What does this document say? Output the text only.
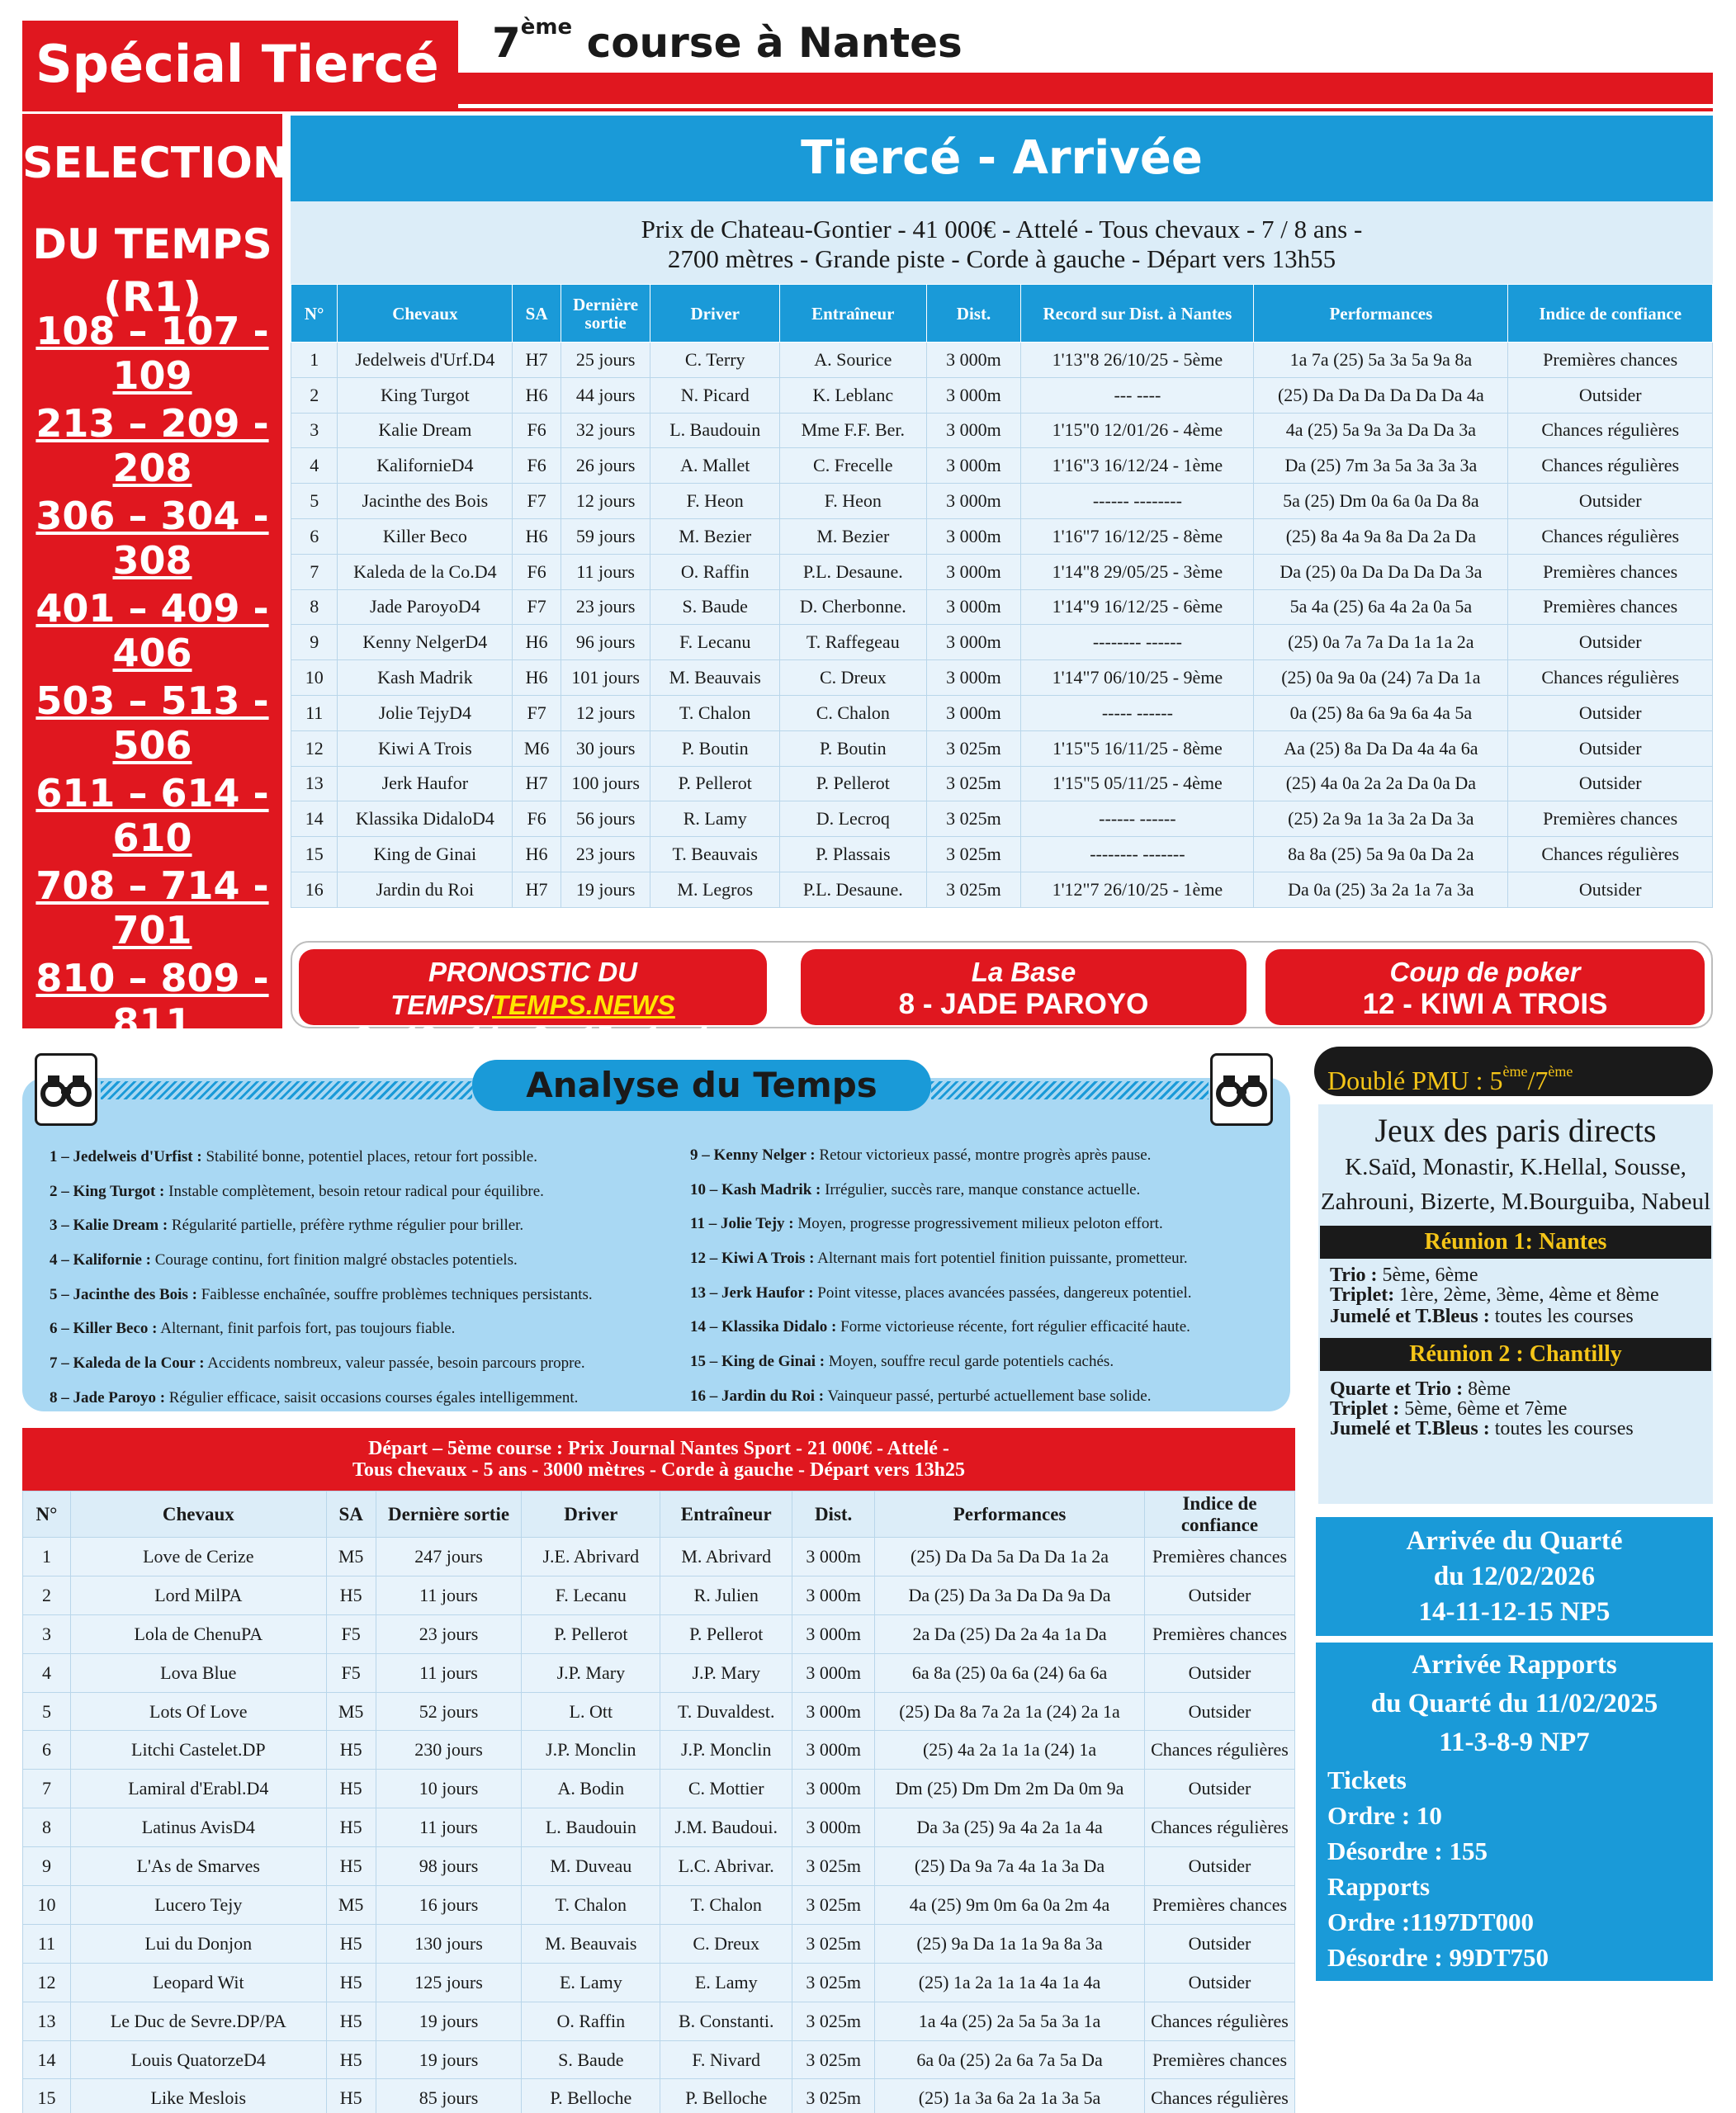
Spécial Tiercé	7ème course à Nantes
SELECTION
DU TEMPS (R1)
108 – 107 - 109
213 – 209 - 208
306 – 304 - 308
401 – 409 - 406
503 – 513 - 506
611 – 614 - 610
708 – 714 - 701
810 – 809 - 811
Tiercé - Arrivée
Prix de Chateau-Gontier - 41 000€ - Attelé - Tous chevaux - 7 / 8 ans -
2700 mètres - Grande piste - Corde à gauche - Départ vers 13h55
N°	Chevaux	SA	Dernière sortie	Driver	Entraîneur	Dist.	Record sur Dist. à Nantes	Performances	Indice de confiance
1	Jedelweis d'Urf.D4	H7	25 jours	C. Terry	A. Sourice	3 000m	1'13"8 26/10/25 - 5ème	1a 7a (25) 5a 3a 5a 9a 8a	Premières chances
2	King Turgot	H6	44 jours	N. Picard	K. Leblanc	3 000m	--- ----	(25) Da Da Da Da Da Da 4a	Outsider
3	Kalie Dream	F6	32 jours	L. Baudouin	Mme F.F. Ber.	3 000m	1'15"0 12/01/26 - 4ème	4a (25) 5a 9a 3a Da Da 3a	Chances régulières
4	KalifornieD4	F6	26 jours	A. Mallet	C. Frecelle	3 000m	1'16"3 16/12/24 - 1ème	Da (25) 7m 3a 5a 3a 3a 3a	Chances régulières
5	Jacinthe des Bois	F7	12 jours	F. Heon	F. Heon	3 000m	------ --------	5a (25) Dm 0a 6a 0a Da 8a	Outsider
6	Killer Beco	H6	59 jours	M. Bezier	M. Bezier	3 000m	1'16"7 16/12/25 - 8ème	(25) 8a 4a 9a 8a Da 2a Da	Chances régulières
7	Kaleda de la Co.D4	F6	11 jours	O. Raffin	P.L. Desaune.	3 000m	1'14"8 29/05/25 - 3ème	Da (25) 0a Da Da Da Da 3a	Premières chances
8	Jade ParoyoD4	F7	23 jours	S. Baude	D. Cherbonne.	3 000m	1'14"9 16/12/25 - 6ème	5a 4a (25) 6a 4a 2a 0a 5a	Premières chances
9	Kenny NelgerD4	H6	96 jours	F. Lecanu	T. Raffegeau	3 000m	-------- ------	(25) 0a 7a 7a Da 1a 1a 2a	Outsider
10	Kash Madrik	H6	101 jours	M. Beauvais	C. Dreux	3 000m	1'14"7 06/10/25 - 9ème	(25) 0a 9a 0a (24) 7a Da 1a	Chances régulières
11	Jolie TejyD4	F7	12 jours	T. Chalon	C. Chalon	3 000m	----- ------	0a (25) 8a 6a 9a 6a 4a 5a	Outsider
12	Kiwi A Trois	M6	30 jours	P. Boutin	P. Boutin	3 025m	1'15"5 16/11/25 - 8ème	Aa (25) 8a Da Da 4a 4a 6a	Outsider
13	Jerk Haufor	H7	100 jours	P. Pellerot	P. Pellerot	3 025m	1'15"5 05/11/25 - 4ème	(25) 4a 0a 2a 2a Da 0a Da	Outsider
14	Klassika DidaloD4	F6	56 jours	R. Lamy	D. Lecroq	3 025m	------ ------	(25) 2a 9a 1a 3a 2a Da 3a	Premières chances
15	King de Ginai	H6	23 jours	T. Beauvais	P. Plassais	3 025m	-------- -------	8a 8a (25) 5a 9a 0a Da 2a	Chances régulières
16	Jardin du Roi	H7	19 jours	M. Legros	P.L. Desaune.	3 025m	1'12"7 26/10/25 - 1ème	Da 0a (25) 3a 2a 1a 7a 3a	Outsider
PRONOSTIC DU TEMPS/TEMPS.NEWS
8 – 12 – 14 – 3 – 15 – 1 – 4
La Base
8 - JADE PAROYO
Coup de poker
12 - KIWI A TROIS
Analyse du Temps
1 – Jedelweis d'Urfist : Stabilité bonne, potentiel places, retour fort possible.
2 – King Turgot : Instable complètement, besoin retour radical pour équilibre.
3 – Kalie Dream : Régularité partielle, préfère rythme régulier pour briller.
4 – Kalifornie : Courage continu, fort finition malgré obstacles potentiels.
5 – Jacinthe des Bois : Faiblesse enchaînée, souffre problèmes techniques persistants.
6 – Killer Beco : Alternant, finit parfois fort, pas toujours fiable.
7 – Kaleda de la Cour : Accidents nombreux, valeur passée, besoin parcours propre.
8 – Jade Paroyo : Régulier efficace, saisit occasions courses égales intelligemment.
9 – Kenny Nelger : Retour victorieux passé, montre progrès après pause.
10 – Kash Madrik : Irrégulier, succès rare, manque constance actuelle.
11 – Jolie Tejy : Moyen, progresse progressivement milieux peloton effort.
12 – Kiwi A Trois : Alternant mais fort potentiel finition puissante, prometteur.
13 – Jerk Haufor : Point vitesse, places avancées passées, dangereux potentiel.
14 – Klassika Didalo : Forme victorieuse récente, fort régulier efficacité haute.
15 – King de Ginai : Moyen, souffre recul garde potentiels cachés.
16 – Jardin du Roi : Vainqueur passé, perturbé actuellement base solide.
Doublé PMU : 5ème/7ème
Jeux des paris directs
K.Saïd, Monastir, K.Hellal, Sousse,
Zahrouni, Bizerte, M.Bourguiba, Nabeul
Réunion 1: Nantes
Trio : 5ème, 6ème
Triplet: 1ère, 2ème, 3ème, 4ème et 8ème
Jumelé et T.Bleus : toutes les courses
Réunion 2 : Chantilly
Quarte et Trio : 8ème
Triplet : 5ème, 6ème et 7ème
Jumelé et T.Bleus : toutes les courses
Arrivée du Quarté
du 12/02/2026
14-11-12-15 NP5
Arrivée Rapports
du Quarté du 11/02/2025
11-3-8-9 NP7
Tickets
Ordre : 10
Désordre : 155
Rapports
Ordre :1197DT000
Désordre : 99DT750
Départ – 5ème course : Prix Journal Nantes Sport - 21 000€ - Attelé -
Tous chevaux - 5 ans - 3000 mètres - Corde à gauche - Départ vers 13h25
N°	Chevaux	SA	Dernière sortie	Driver	Entraîneur	Dist.	Performances	Indice de confiance
1	Love de Cerize	M5	247 jours	J.E. Abrivard	M. Abrivard	3 000m	(25) Da Da 5a Da Da 1a 2a	Premières chances
2	Lord MilPA	H5	11 jours	F. Lecanu	R. Julien	3 000m	Da (25) Da 3a Da Da 9a Da	Outsider
3	Lola de ChenuPA	F5	23 jours	P. Pellerot	P. Pellerot	3 000m	2a Da (25) Da 2a 4a 1a Da	Premières chances
4	Lova Blue	F5	11 jours	J.P. Mary	J.P. Mary	3 000m	6a 8a (25) 0a 6a (24) 6a 6a	Outsider
5	Lots Of Love	M5	52 jours	L. Ott	T. Duvaldest.	3 000m	(25) Da 8a 7a 2a 1a (24) 2a 1a	Outsider
6	Litchi Castelet.DP	H5	230 jours	J.P. Monclin	J.P. Monclin	3 000m	(25) 4a 2a 1a 1a (24) 1a	Chances régulières
7	Lamiral d'Erabl.D4	H5	10 jours	A. Bodin	C. Mottier	3 000m	Dm (25) Dm Dm 2m Da 0m 9a	Outsider
8	Latinus AvisD4	H5	11 jours	L. Baudouin	J.M. Baudoui.	3 000m	Da 3a (25) 9a 4a 2a 1a 4a	Chances régulières
9	L'As de Smarves	H5	98 jours	M. Duveau	L.C. Abrivar.	3 025m	(25) Da 9a 7a 4a 1a 3a Da	Outsider
10	Lucero Tejy	M5	16 jours	T. Chalon	T. Chalon	3 025m	4a (25) 9m 0m 6a 0a 2m 4a	Premières chances
11	Lui du Donjon	H5	130 jours	M. Beauvais	C. Dreux	3 025m	(25) 9a Da 1a 1a 9a 8a 3a	Outsider
12	Leopard Wit	H5	125 jours	E. Lamy	E. Lamy	3 025m	(25) 1a 2a 1a 1a 4a 1a 4a	Outsider
13	Le Duc de Sevre.DP/PA	H5	19 jours	O. Raffin	B. Constanti.	3 025m	1a 4a (25) 2a 5a 5a 3a 1a	Chances régulières
14	Louis QuatorzeD4	H5	19 jours	S. Baude	F. Nivard	3 025m	6a 0a (25) 2a 6a 7a 5a Da	Premières chances
15	Like Meslois	H5	85 jours	P. Belloche	P. Belloche	3 025m	(25) 1a 3a 6a 2a 1a 3a 5a	Chances régulières
